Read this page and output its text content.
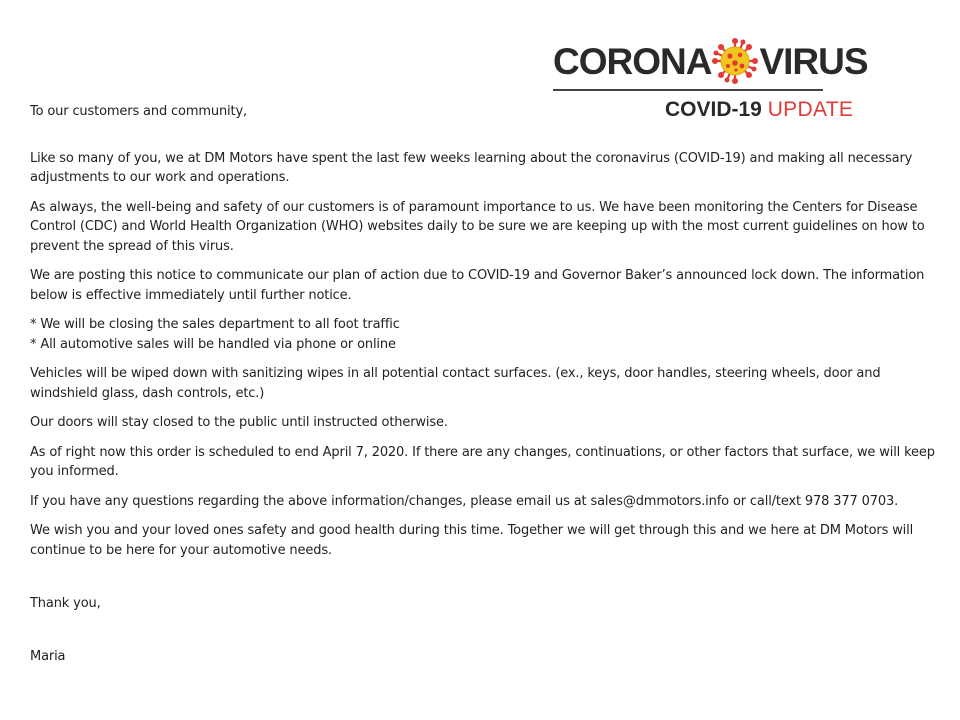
CORONA VIRUS
COVID-19 UPDATE

To our customers and community,

Like so many of you, we at DM Motors have spent the last few weeks learning about the coronavirus (COVID-19) and making all necessary adjustments to our work and operations.

As always, the well-being and safety of our customers is of paramount importance to us. We have been monitoring the Centers for Disease Control (CDC) and World Health Organization (WHO) websites daily to be sure we are keeping up with the most current guidelines on how to prevent the spread of this virus.

We are posting this notice to communicate our plan of action due to COVID-19 and Governor Baker’s announced lock down. The information below is effective immediately until further notice.

* We will be closing the sales department to all foot traffic

* All automotive sales will be handled via phone or online

Vehicles will be wiped down with sanitizing wipes in all potential contact surfaces. (ex., keys, door handles, steering wheels, door and windshield glass, dash controls, etc.)

Our doors will stay closed to the public until instructed otherwise.

As of right now this order is scheduled to end April 7, 2020. If there are any changes, continuations, or other factors that surface, we will keep you informed.

If you have any questions regarding the above information/changes, please email us at sales@dmmotors.info or call/text 978 377 0703.

We wish you and your loved ones safety and good health during this time. Together we will get through this and we here at DM Motors will continue to be here for your automotive needs.

Thank you,

Maria
